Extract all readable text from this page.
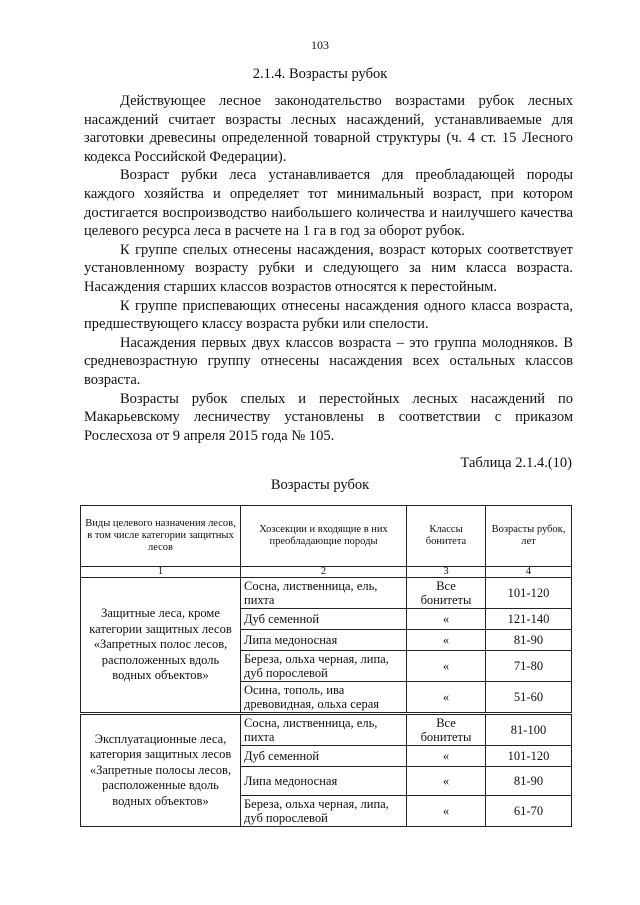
103
2.1.4. Возрасты рубок

Действующее лесное законодательство возрастами рубок лесных насаждений считает возрасты лесных насаждений, устанавливаемые для заготовки древесины определенной товарной структуры (ч. 4 ст. 15 Лесного кодекса Российской Федерации).

Возраст рубки леса устанавливается для преобладающей породы каждого хозяйства и определяет тот минимальный возраст, при котором достигается воспроизводство наибольшего количества и наилучшего качества целевого ресурса леса в расчете на 1 га в год за оборот рубок.

К группе спелых отнесены насаждения, возраст которых соответствует установленному возрасту рубки и следующего за ним класса возраста. Насаждения старших классов возрастов относятся к перестойным.

К группе приспевающих отнесены насаждения одного класса возраста, предшествующего классу возраста рубки или спелости.

Насаждения первых двух классов возраста – это группа молодняков. В средневозрастную группу отнесены насаждения всех остальных классов возраста.

Возрасты рубок спелых и перестойных лесных насаждений по Макарьевскому лесничеству установлены в соответствии с приказом Рослесхоза от 9 апреля 2015 года № 105.

Таблица 2.1.4.(10)
Возрасты рубок
Виды целевого назначения лесов, в том числе категории защитных лесов	Хозсекции и входящие в них преобладающие породы	Классы бонитета	Возрасты рубок, лет
1	2	3	4
Защитные леса, кроме категории защитных лесов «Запретных полос лесов, расположенных вдоль водных объектов»	Сосна, лиственница, ель, пихта	Все бонитеты	101-120
	Дуб семенной	«	121-140
	Липа медоносная	«	81-90
	Береза, ольха черная, липа, дуб порослевой	«	71-80
	Осина, тополь, ива древовидная, ольха серая	«	51-60
Эксплуатационные леса, категория защитных лесов «Запретные полосы лесов, расположенные вдоль водных объектов»	Сосна, лиственница, ель, пихта	Все бонитеты	81-100
	Дуб семенной	«	101-120
	Липа медоносная	«	81-90
	Береза, ольха черная, липа, дуб порослевой	«	61-70
